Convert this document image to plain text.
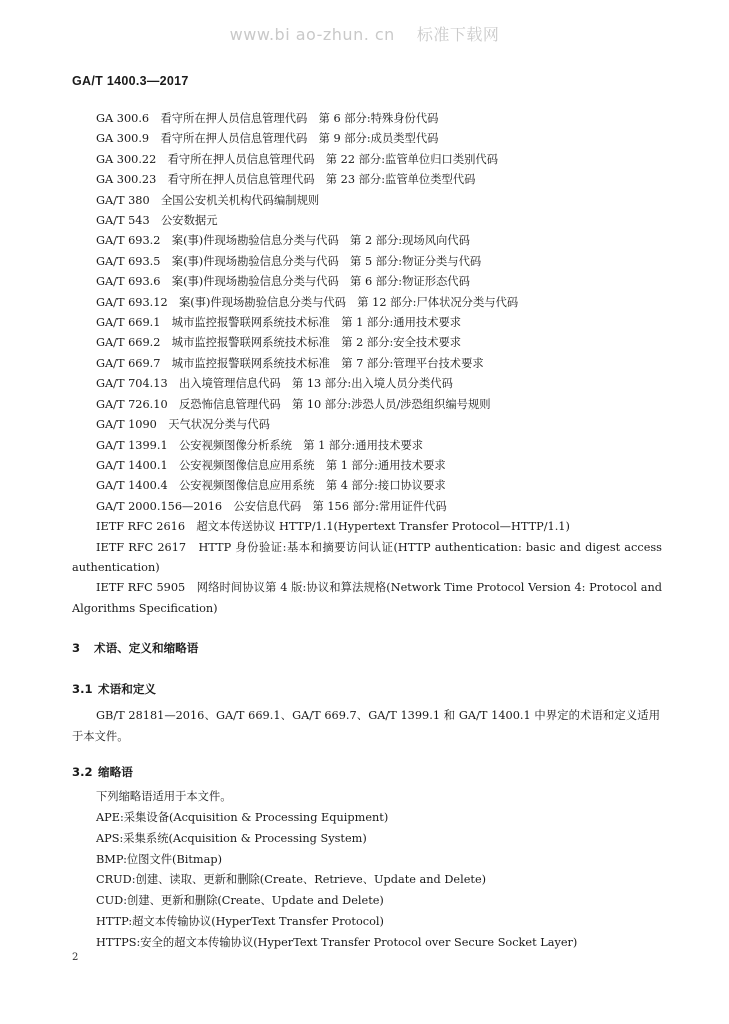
www.bi ao-zhun. cn 标准下载网
GA/T 1400.3—2017
GA 300.6　 看守所在押人员信息管理代码　第 6 部分:特殊身份代码
GA 300.9　 看守所在押人员信息管理代码　第 9 部分:成员类型代码
GA 300.22　 看守所在押人员信息管理代码　第 22 部分:监管单位归口类别代码
GA 300.23　 看守所在押人员信息管理代码　第 23 部分:监管单位类型代码
GA/T 380　 全国公安机关机构代码编制规则
GA/T 543　 公安数据元
GA/T 693.2　 案(事)件现场勘验信息分类与代码　第 2 部分:现场风向代码
GA/T 693.5　 案(事)件现场勘验信息分类与代码　第 5 部分:物证分类与代码
GA/T 693.6　 案(事)件现场勘验信息分类与代码　第 6 部分:物证形态代码
GA/T 693.12　 案(事)件现场勘验信息分类与代码　第 12 部分:尸体状况分类与代码
GA/T 669.1　 城市监控报警联网系统技术标准　第 1 部分:通用技术要求
GA/T 669.2　 城市监控报警联网系统技术标准　第 2 部分:安全技术要求
GA/T 669.7　 城市监控报警联网系统技术标准　第 7 部分:管理平台技术要求
GA/T 704.13　 出入境管理信息代码　第 13 部分:出入境人员分类代码
GA/T 726.10　 反恐怖信息管理代码　第 10 部分:涉恐人员/涉恐组织编号规则
GA/T 1090　 天气状况分类与代码
GA/T 1399.1　 公安视频图像分析系统　第 1 部分:通用技术要求
GA/T 1400.1　 公安视频图像信息应用系统　第 1 部分:通用技术要求
GA/T 1400.4　 公安视频图像信息应用系统　第 4 部分:接口协议要求
GA/T 2000.156—2016　公安信息代码　第 156 部分:常用证件代码
IETF RFC 2616　 超文本传送协议 HTTP/1.1(Hypertext Transfer Protocol—HTTP/1.1)
IETF RFC 2617　 HTTP 身份验证:基本和摘要访问认证(HTTP authentication: basic and digest access authentication)
IETF RFC 5905　 网络时间协议第 4 版:协议和算法规格(Network Time Protocol Version 4: Protocol and Algorithms Specification)
3 术语、定义和缩略语
3.1 术语和定义
GB/T 28181—2016、GA/T 669.1、GA/T 669.7、GA/T 1399.1 和 GA/T 1400.1 中界定的术语和定义适用于本文件。
3.2 缩略语
下列缩略语适用于本文件。
APE:采集设备(Acquisition & Processing Equipment)
APS:采集系统(Acquisition & Processing System)
BMP:位图文件(Bitmap)
CRUD:创建、读取、更新和删除(Create、Retrieve、Update and Delete)
CUD:创建、更新和删除(Create、Update and Delete)
HTTP:超文本传输协议(HyperText Transfer Protocol)
HTTPS:安全的超文本传输协议(HyperText Transfer Protocol over Secure Socket Layer)
2
